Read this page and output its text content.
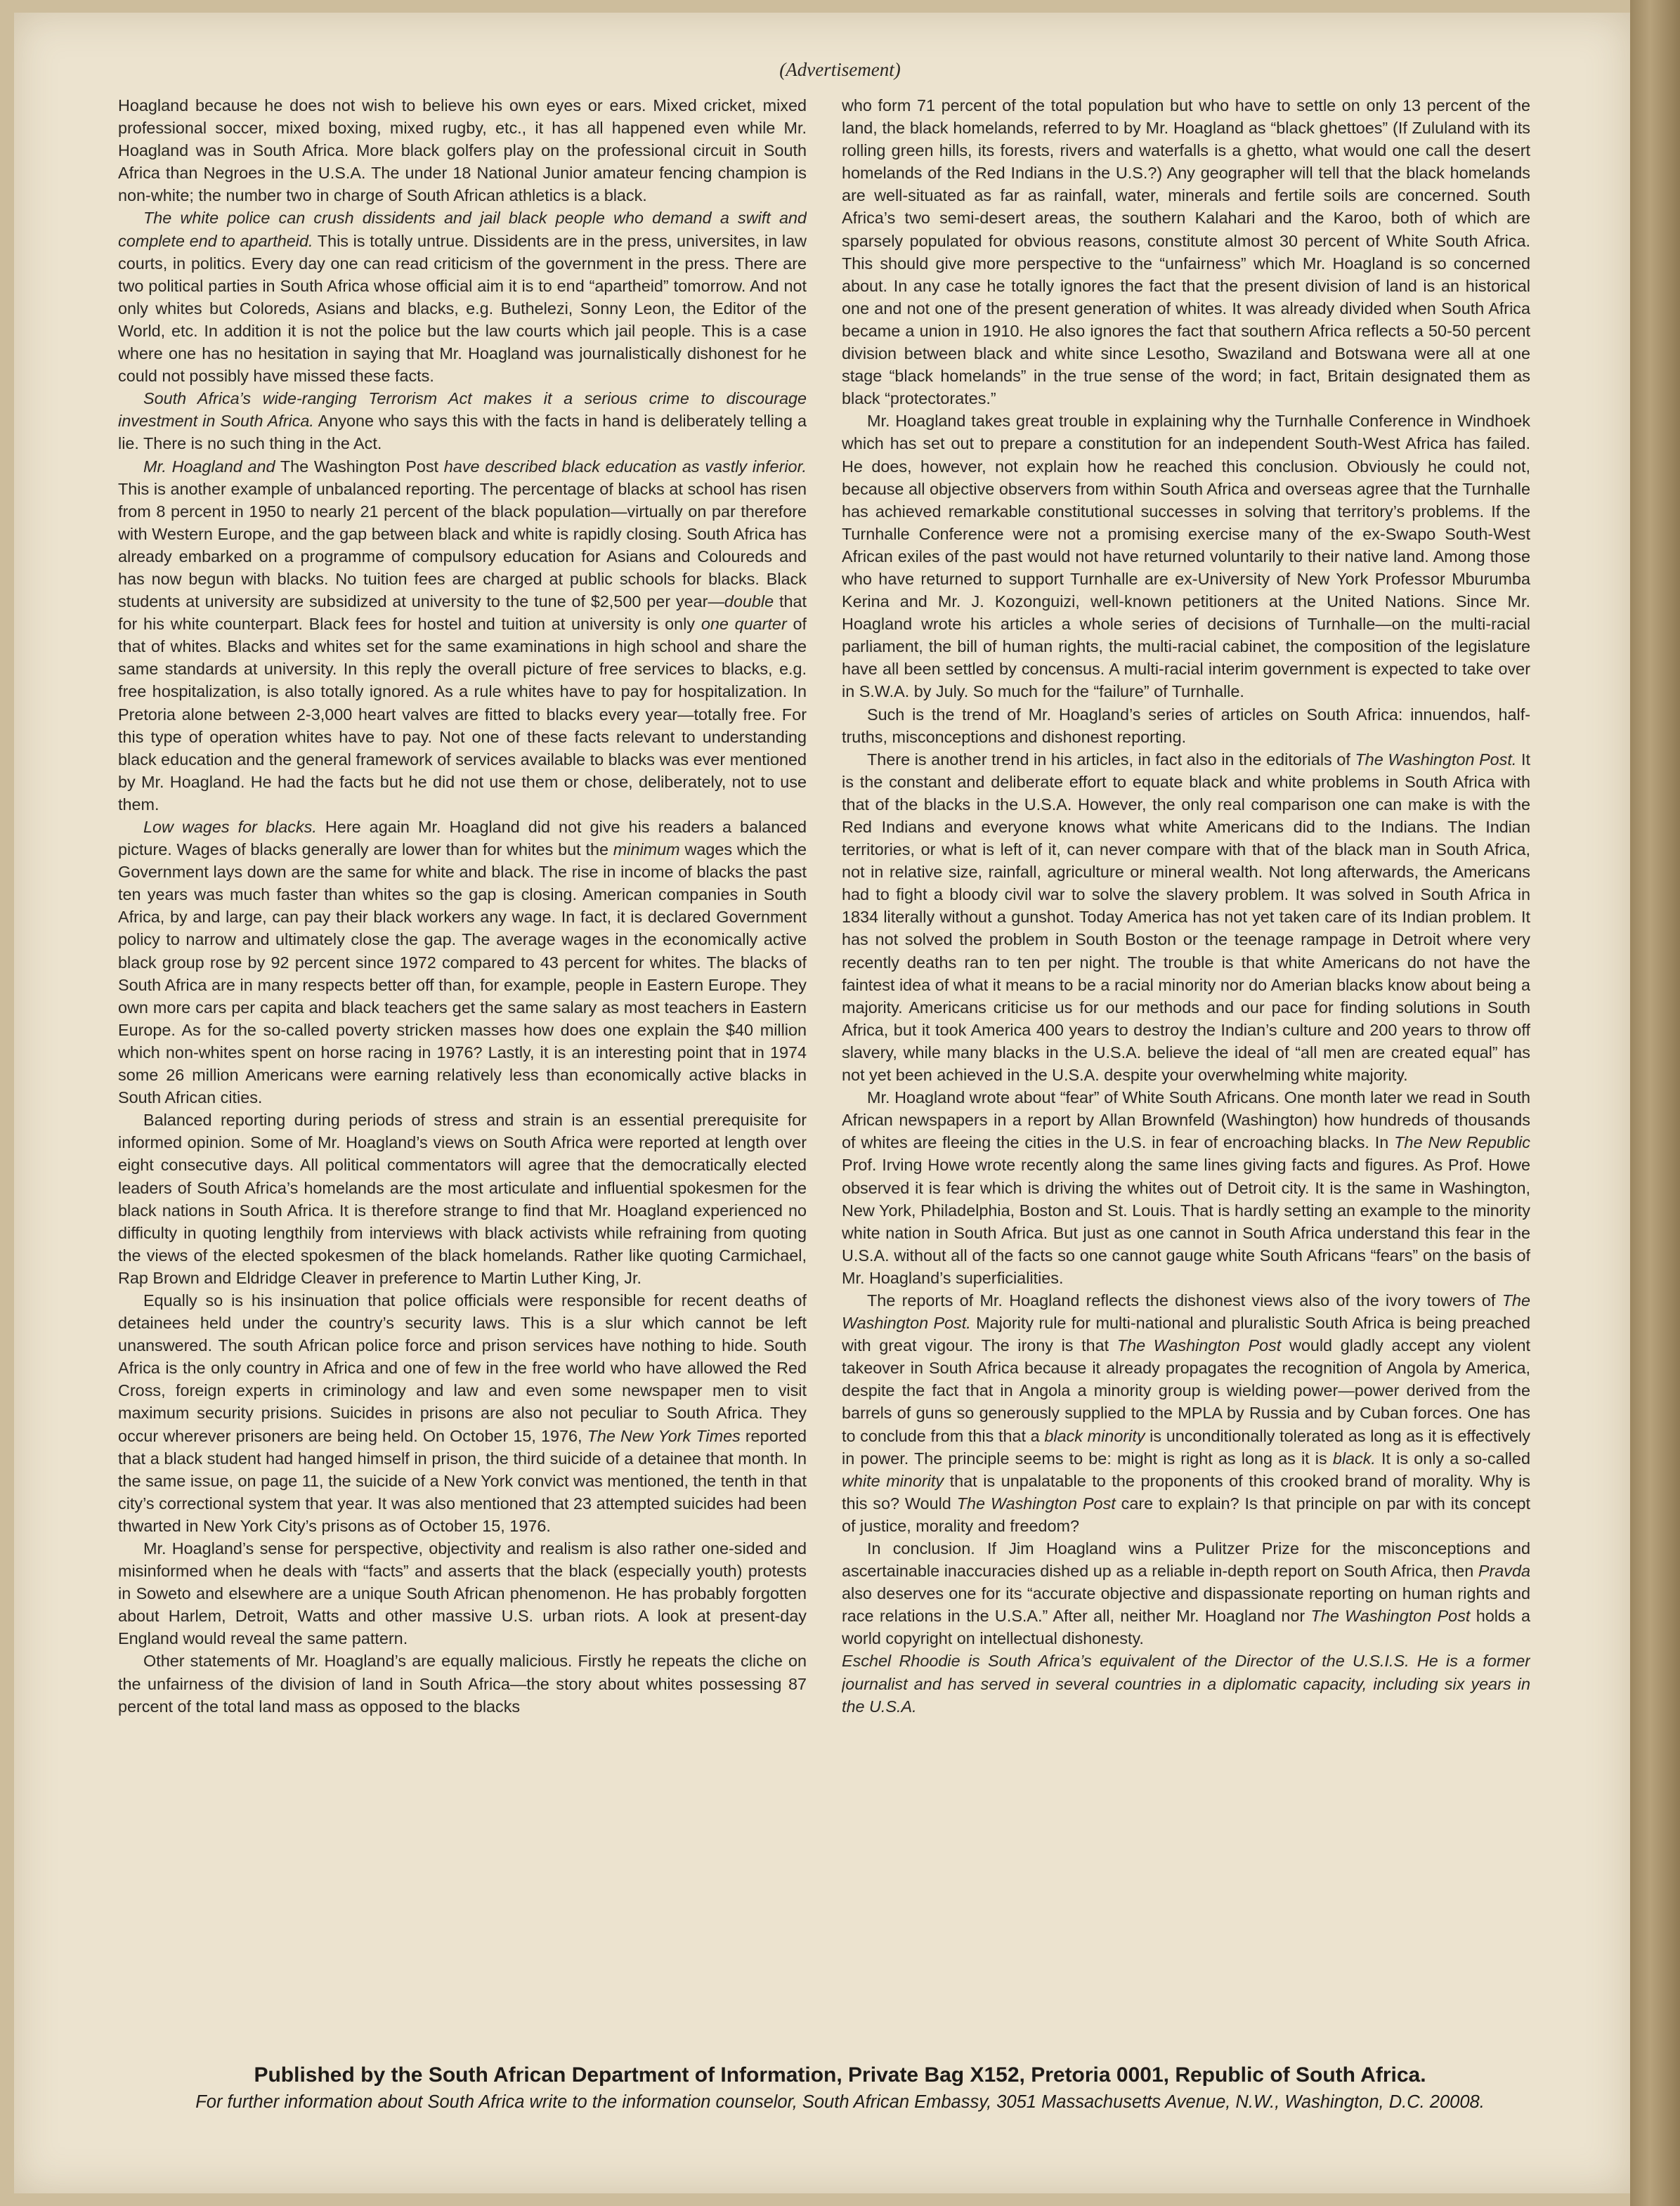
(Advertisement)

Hoagland because he does not wish to believe his own eyes or ears. Mixed cricket, mixed professional soccer, mixed boxing, mixed rugby, etc., it has all happened even while Mr. Hoagland was in South Africa. More black golfers play on the professional circuit in South Africa than Negroes in the U.S.A. The under 18 National Junior amateur fencing champion is non-white; the number two in charge of South African athletics is a black.

The white police can crush dissidents and jail black people who demand a swift and complete end to apartheid. This is totally untrue. Dissidents are in the press, universites, in law courts, in politics. Every day one can read criticism of the government in the press. There are two political parties in South Africa whose official aim it is to end “apartheid” tomorrow. And not only whites but Coloreds, Asians and blacks, e.g. Buthelezi, Sonny Leon, the Editor of the World, etc. In addition it is not the police but the law courts which jail people. This is a case where one has no hesitation in saying that Mr. Hoagland was journalistically dishonest for he could not possibly have missed these facts.

South Africa’s wide-ranging Terrorism Act makes it a serious crime to discourage investment in South Africa. Anyone who says this with the facts in hand is deliberately telling a lie. There is no such thing in the Act.

Mr. Hoagland and The Washington Post have described black education as vastly inferior. This is another example of unbalanced reporting. The percentage of blacks at school has risen from 8 percent in 1950 to nearly 21 percent of the black population—virtually on par therefore with Western Europe, and the gap between black and white is rapidly closing. South Africa has already embarked on a programme of compulsory education for Asians and Coloureds and has now begun with blacks. No tuition fees are charged at public schools for blacks. Black students at university are subsidized at university to the tune of $2,500 per year—double that for his white counterpart. Black fees for hostel and tuition at university is only one quarter of that of whites. Blacks and whites set for the same examinations in high school and share the same standards at university. In this reply the overall picture of free services to blacks, e.g. free hospitalization, is also totally ignored. As a rule whites have to pay for hospitalization. In Pretoria alone between 2-3,000 heart valves are fitted to blacks every year—totally free. For this type of operation whites have to pay. Not one of these facts relevant to understanding black education and the general framework of services available to blacks was ever mentioned by Mr. Hoagland. He had the facts but he did not use them or chose, deliberately, not to use them.

Low wages for blacks. Here again Mr. Hoagland did not give his readers a balanced picture. Wages of blacks generally are lower than for whites but the minimum wages which the Government lays down are the same for white and black. The rise in income of blacks the past ten years was much faster than whites so the gap is closing. American companies in South Africa, by and large, can pay their black workers any wage. In fact, it is declared Government policy to narrow and ultimately close the gap. The average wages in the economically active black group rose by 92 percent since 1972 compared to 43 percent for whites. The blacks of South Africa are in many respects better off than, for example, people in Eastern Europe. They own more cars per capita and black teachers get the same salary as most teachers in Eastern Europe. As for the so-called poverty stricken masses how does one explain the $40 million which non-whites spent on horse racing in 1976? Lastly, it is an interesting point that in 1974 some 26 million Americans were earning relatively less than economically active blacks in South African cities.

Balanced reporting during periods of stress and strain is an essential prerequisite for informed opinion. Some of Mr. Hoagland’s views on South Africa were reported at length over eight consecutive days. All political commentators will agree that the democratically elected leaders of South Africa’s homelands are the most articulate and influential spokesmen for the black nations in South Africa. It is therefore strange to find that Mr. Hoagland experienced no difficulty in quoting lengthily from interviews with black activists while refraining from quoting the views of the elected spokesmen of the black homelands. Rather like quoting Carmichael, Rap Brown and Eldridge Cleaver in preference to Martin Luther King, Jr.

Equally so is his insinuation that police officials were responsible for recent deaths of detainees held under the country’s security laws. This is a slur which cannot be left unanswered. The south African police force and prison services have nothing to hide. South Africa is the only country in Africa and one of few in the free world who have allowed the Red Cross, foreign experts in criminology and law and even some newspaper men to visit maximum security prisions. Suicides in prisons are also not peculiar to South Africa. They occur wherever prisoners are being held. On October 15, 1976, The New York Times reported that a black student had hanged himself in prison, the third suicide of a detainee that month. In the same issue, on page 11, the suicide of a New York convict was mentioned, the tenth in that city’s correctional system that year. It was also mentioned that 23 attempted suicides had been thwarted in New York City’s prisons as of October 15, 1976.

Mr. Hoagland’s sense for perspective, objectivity and realism is also rather one-sided and misinformed when he deals with “facts” and asserts that the black (especially youth) protests in Soweto and elsewhere are a unique South African phenomenon. He has probably forgotten about Harlem, Detroit, Watts and other massive U.S. urban riots. A look at present-day England would reveal the same pattern.

Other statements of Mr. Hoagland’s are equally malicious. Firstly he repeats the cliche on the unfairness of the division of land in South Africa—the story about whites possessing 87 percent of the total land mass as opposed to the blacks

who form 71 percent of the total population but who have to settle on only 13 percent of the land, the black homelands, referred to by Mr. Hoagland as “black ghettoes” (If Zululand with its rolling green hills, its forests, rivers and waterfalls is a ghetto, what would one call the desert homelands of the Red Indians in the U.S.?) Any geographer will tell that the black homelands are well-situated as far as rainfall, water, minerals and fertile soils are concerned. South Africa’s two semi-desert areas, the southern Kalahari and the Karoo, both of which are sparsely populated for obvious reasons, constitute almost 30 percent of White South Africa. This should give more perspective to the “unfairness” which Mr. Hoagland is so concerned about. In any case he totally ignores the fact that the present division of land is an historical one and not one of the present generation of whites. It was already divided when South Africa became a union in 1910. He also ignores the fact that southern Africa reflects a 50-50 percent division between black and white since Lesotho, Swaziland and Botswana were all at one stage “black homelands” in the true sense of the word; in fact, Britain designated them as black “protectorates.”

Mr. Hoagland takes great trouble in explaining why the Turnhalle Conference in Windhoek which has set out to prepare a constitution for an independent South-West Africa has failed. He does, however, not explain how he reached this conclusion. Obviously he could not, because all objective observers from within South Africa and overseas agree that the Turnhalle has achieved remarkable constitutional successes in solving that territory’s problems. If the Turnhalle Conference were not a promising exercise many of the ex-Swapo South-West African exiles of the past would not have returned voluntarily to their native land. Among those who have returned to support Turnhalle are ex-University of New York Professor Mburumba Kerina and Mr. J. Kozonguizi, well-known petitioners at the United Nations. Since Mr. Hoagland wrote his articles a whole series of decisions of Turnhalle—on the multi-racial parliament, the bill of human rights, the multi-racial cabinet, the composition of the legislature have all been settled by concensus. A multi-racial interim government is expected to take over in S.W.A. by July. So much for the “failure” of Turnhalle.

Such is the trend of Mr. Hoagland’s series of articles on South Africa: innuendos, half-truths, misconceptions and dishonest reporting.

There is another trend in his articles, in fact also in the editorials of The Washington Post. It is the constant and deliberate effort to equate black and white problems in South Africa with that of the blacks in the U.S.A. However, the only real comparison one can make is with the Red Indians and everyone knows what white Americans did to the Indians. The Indian territories, or what is left of it, can never compare with that of the black man in South Africa, not in relative size, rainfall, agriculture or mineral wealth. Not long afterwards, the Americans had to fight a bloody civil war to solve the slavery problem. It was solved in South Africa in 1834 literally without a gunshot. Today America has not yet taken care of its Indian problem. It has not solved the problem in South Boston or the teenage rampage in Detroit where very recently deaths ran to ten per night. The trouble is that white Americans do not have the faintest idea of what it means to be a racial minority nor do Amerian blacks know about being a majority. Americans criticise us for our methods and our pace for finding solutions in South Africa, but it took America 400 years to destroy the Indian’s culture and 200 years to throw off slavery, while many blacks in the U.S.A. believe the ideal of “all men are created equal” has not yet been achieved in the U.S.A. despite your overwhelming white majority.

Mr. Hoagland wrote about “fear” of White South Africans. One month later we read in South African newspapers in a report by Allan Brownfeld (Washington) how hundreds of thousands of whites are fleeing the cities in the U.S. in fear of encroaching blacks. In The New Republic Prof. Irving Howe wrote recently along the same lines giving facts and figures. As Prof. Howe observed it is fear which is driving the whites out of Detroit city. It is the same in Washington, New York, Philadelphia, Boston and St. Louis. That is hardly setting an example to the minority white nation in South Africa. But just as one cannot in South Africa understand this fear in the U.S.A. without all of the facts so one cannot gauge white South Africans “fears” on the basis of Mr. Hoagland’s superficialities.

The reports of Mr. Hoagland reflects the dishonest views also of the ivory towers of The Washington Post. Majority rule for multi-national and pluralistic South Africa is being preached with great vigour. The irony is that The Washington Post would gladly accept any violent takeover in South Africa because it already propagates the recognition of Angola by America, despite the fact that in Angola a minority group is wielding power—power derived from the barrels of guns so generously supplied to the MPLA by Russia and by Cuban forces. One has to conclude from this that a black minority is unconditionally tolerated as long as it is effectively in power. The principle seems to be: might is right as long as it is black. It is only a so-called white minority that is unpalatable to the proponents of this crooked brand of morality. Why is this so? Would The Washington Post care to explain? Is that principle on par with its concept of justice, morality and freedom?

In conclusion. If Jim Hoagland wins a Pulitzer Prize for the misconceptions and ascertainable inaccuracies dished up as a reliable in-depth report on South Africa, then Pravda also deserves one for its “accurate objective and dispassionate reporting on human rights and race relations in the U.S.A.” After all, neither Mr. Hoagland nor The Washington Post holds a world copyright on intellectual dishonesty.

Eschel Rhoodie is South Africa’s equivalent of the Director of the U.S.I.S. He is a former journalist and has served in several countries in a diplomatic capacity, including six years in the U.S.A.

Published by the South African Department of Information, Private Bag X152, Pretoria 0001, Republic of South Africa.
For further information about South Africa write to the information counselor, South African Embassy, 3051 Massachusetts Avenue, N.W., Washington, D.C. 20008.
